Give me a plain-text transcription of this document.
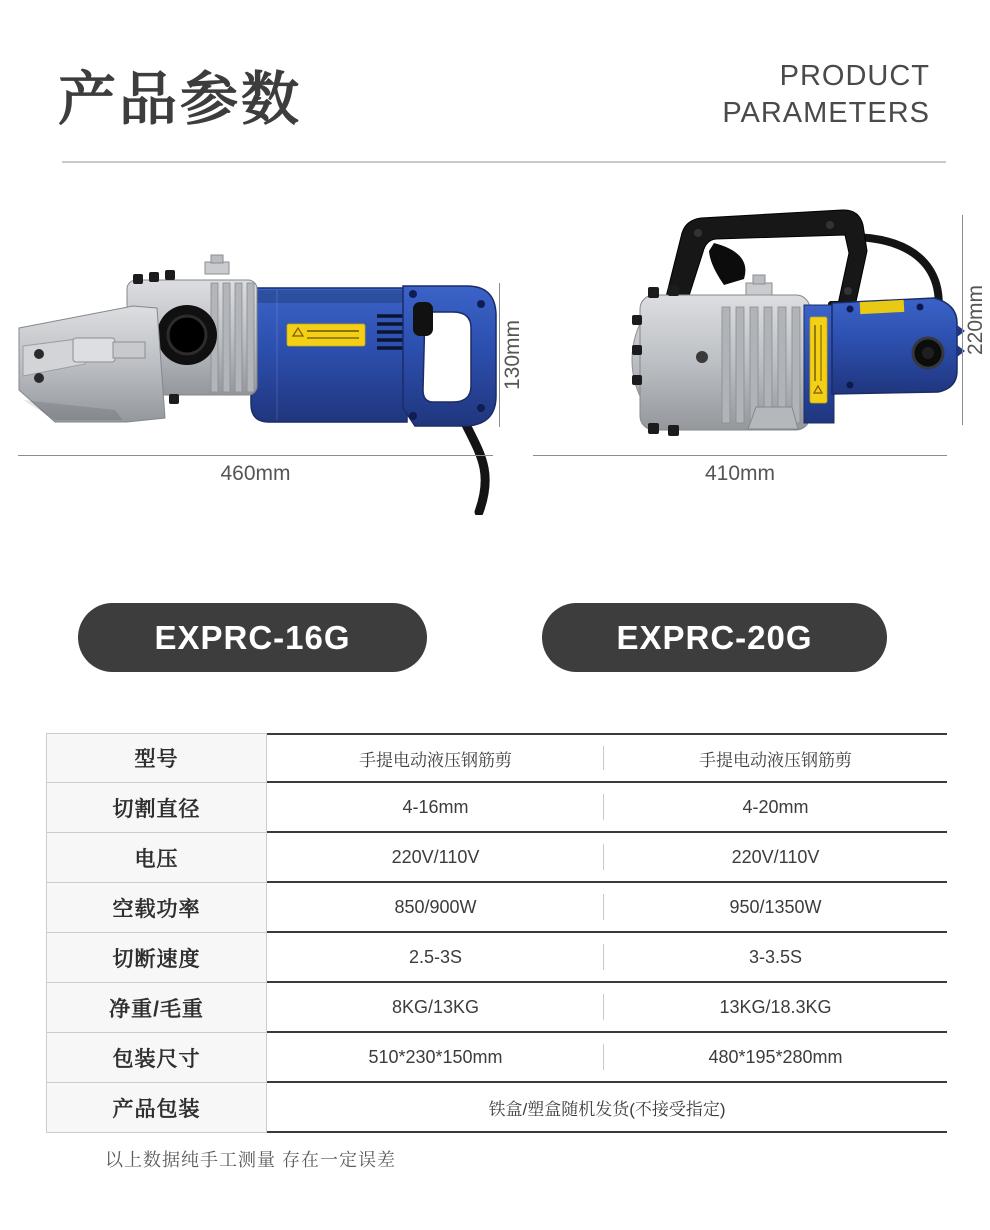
产品参数	PRODUCT
PARAMETERS
460mm
130mm
410mm
220mm
EXPRC-16G	EXPRC-20G
型号	手提电动液压钢筋剪	手提电动液压钢筋剪
切割直径	4-16mm	4-20mm
电压	220V/110V	220V/110V
空载功率	850/900W	950/1350W
切断速度	2.5-3S	3-3.5S
净重/毛重	8KG/13KG	13KG/18.3KG
包装尺寸	510*230*150mm	480*195*280mm
产品包装	铁盒/塑盒随机发货(不接受指定)
以上数据纯手工测量 存在一定误差
